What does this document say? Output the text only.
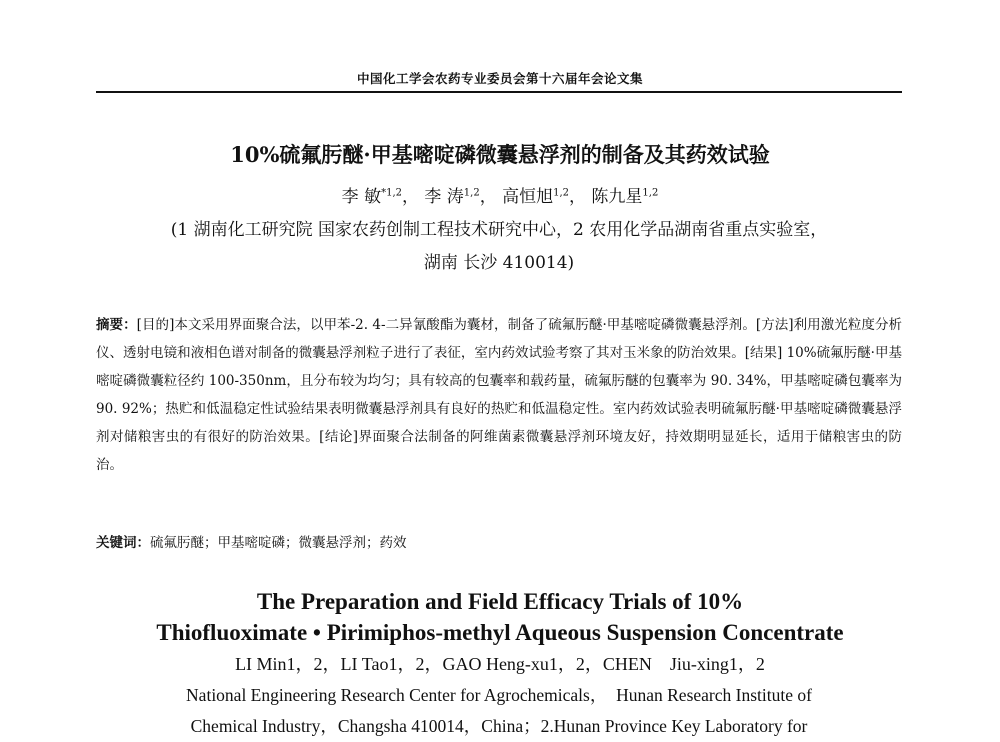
中国化工学会农药专业委员会第十六届年会论文集
10%硫氟肟醚·甲基嘧啶磷微囊悬浮剂的制备及其药效试验
李 敏$^{*1,2}$， 李 涛$^{1,2}$， 高恒旭$^{1,2}$， 陈九星$^{1,2}$
(1 湖南化工研究院 国家农药创制工程技术研究中心，2 农用化学品湖南省重点实验室，
湖南 长沙 410014)
摘要：[目的]本文采用界面聚合法，以甲苯-2. 4-二异氰酸酯为囊材，制备了硫氟肟醚·甲基嘧啶磷微囊悬浮剂。[方法]利用激光粒度分析仪、透射电镜和液相色谱对制备的微囊悬浮剂粒子进行了表征，室内药效试验考察了其对玉米象的防治效果。[结果] 10%硫氟肟醚·甲基嘧啶磷微囊粒径约 100-350nm，且分布较为均匀；具有较高的包囊率和载药量，硫氟肟醚的包囊率为 90. 34%，甲基嘧啶磷包囊率为 90. 92%；热贮和低温稳定性试验结果表明微囊悬浮剂具有良好的热贮和低温稳定性。室内药效试验表明硫氟肟醚·甲基嘧啶磷微囊悬浮剂对储粮害虫的有很好的防治效果。[结论]界面聚合法制备的阿维菌素微囊悬浮剂环境友好，持效期明显延长，适用于储粮害虫的防治。
关键词：硫氟肟醚；甲基嘧啶磷；微囊悬浮剂；药效
The Preparation and Field Efficacy Trials of 10%
Thiofluoximate • Pirimiphos-methyl Aqueous Suspension Concentrate
LI Min1，2，LI Tao1，2，GAO Heng-xu1，2，CHEN　Jiu-xing1，2
National Engineering Research Center for Agrochemicals，　Hunan Research Institute of
Chemical Industry，Changsha 410014，China；2.Hunan Province Key Laboratory for
